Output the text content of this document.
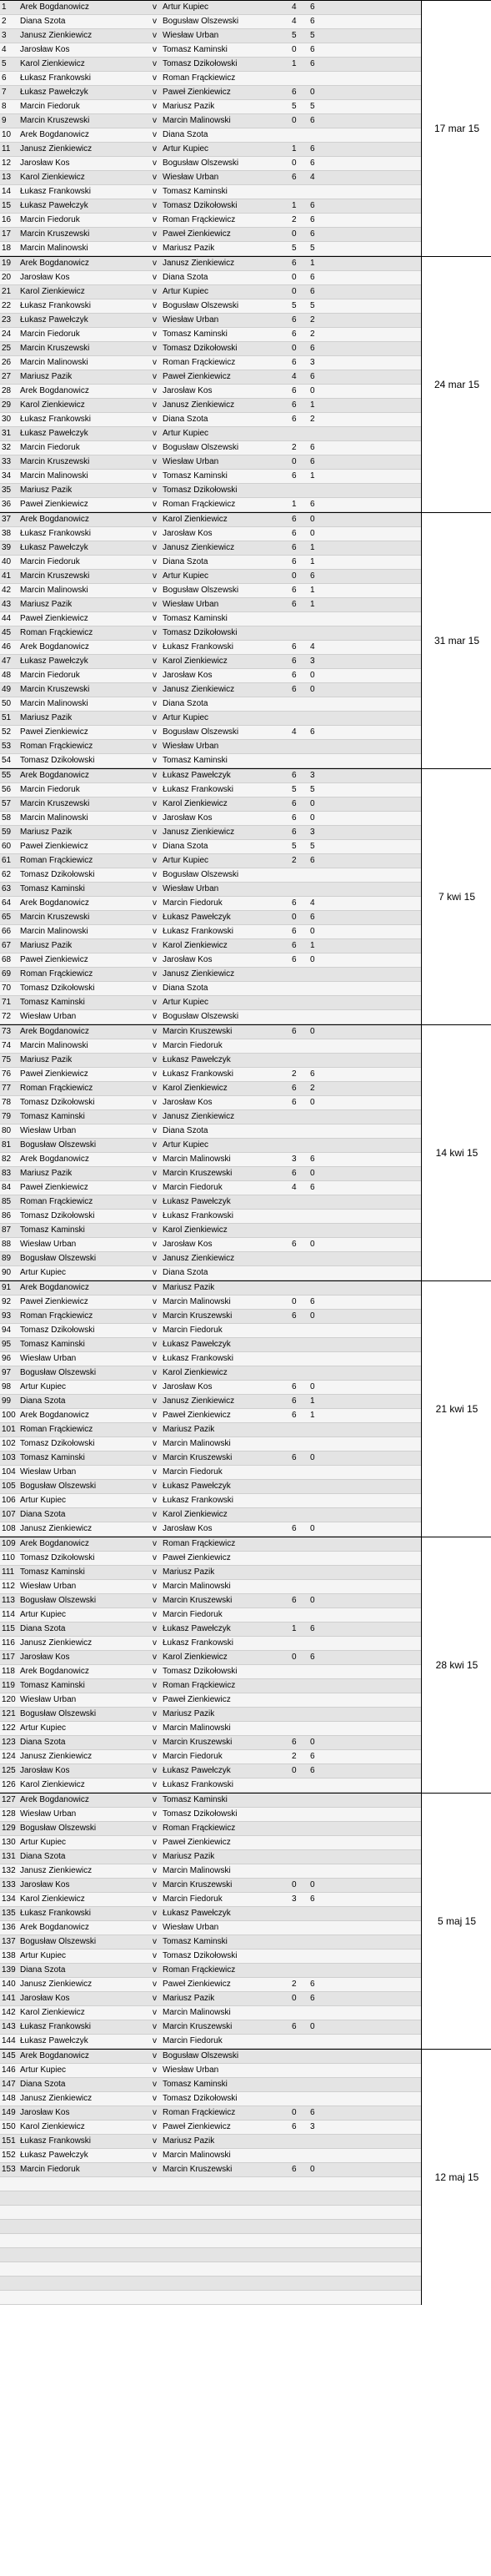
1	Arek Bogdanowicz	v Artur Kupiec	4	6
2	Diana Szota	v Bogusław Olszewski	4	6
3	Janusz Zienkiewicz	v Wiesław Urban	5	5
4	Jarosław Kos	v Tomasz Kaminski	0	6
5	Karol Zienkiewicz	v Tomasz Dzikołowski	1	6
6	Łukasz Frankowski	v Roman Frąckiewicz
7	Łukasz Pawełczyk	v Paweł Zienkiewicz	6	0
8	Marcin Fiedoruk	v Mariusz Pazik	5	5
9	Marcin Kruszewski	v Marcin Malinowski	0	6
10	Arek Bogdanowicz	v Diana Szota
11	Janusz Zienkiewicz	v Artur Kupiec	1	6
12	Jarosław Kos	v Bogusław Olszewski	0	6
13	Karol Zienkiewicz	v Wiesław Urban	6	4
14	Łukasz Frankowski	v Tomasz Kaminski
15	Łukasz Pawełczyk	v Tomasz Dzikołowski	1	6
16	Marcin Fiedoruk	v Roman Frąckiewicz	2	6
17	Marcin Kruszewski	v Paweł Zienkiewicz	0	6
18	Marcin Malinowski	v Mariusz Pazik	5	5
17 mar 15
19	Arek Bogdanowicz	v Janusz Zienkiewicz	6	1
20	Jarosław Kos	v Diana Szota	0	6
21	Karol Zienkiewicz	v Artur Kupiec	0	6
22	Łukasz Frankowski	v Bogusław Olszewski	5	5
23	Łukasz Pawełczyk	v Wiesław Urban	6	2
24	Marcin Fiedoruk	v Tomasz Kaminski	6	2
25	Marcin Kruszewski	v Tomasz Dzikołowski	0	6
26	Marcin Malinowski	v Roman Frąckiewicz	6	3
27	Mariusz Pazik	v Paweł Zienkiewicz	4	6
28	Arek Bogdanowicz	v Jarosław Kos	6	0
29	Karol Zienkiewicz	v Janusz Zienkiewicz	6	1
30	Łukasz Frankowski	v Diana Szota	6	2
31	Łukasz Pawełczyk	v Artur Kupiec
32	Marcin Fiedoruk	v Bogusław Olszewski	2	6
33	Marcin Kruszewski	v Wiesław Urban	0	6
34	Marcin Malinowski	v Tomasz Kaminski	6	1
35	Mariusz Pazik	v Tomasz Dzikołowski
36	Paweł Zienkiewicz	v Roman Frąckiewicz	1	6
24 mar 15
37	Arek Bogdanowicz	v Karol Zienkiewicz	6	0
38	Łukasz Frankowski	v Jarosław Kos	6	0
39	Łukasz Pawełczyk	v Janusz Zienkiewicz	6	1
40	Marcin Fiedoruk	v Diana Szota	6	1
41	Marcin Kruszewski	v Artur Kupiec	0	6
42	Marcin Malinowski	v Bogusław Olszewski	6	1
43	Mariusz Pazik	v Wiesław Urban	6	1
44	Paweł Zienkiewicz	v Tomasz Kaminski
45	Roman Frąckiewicz	v Tomasz Dzikołowski
46	Arek Bogdanowicz	v Łukasz Frankowski	6	4
47	Łukasz Pawełczyk	v Karol Zienkiewicz	6	3
48	Marcin Fiedoruk	v Jarosław Kos	6	0
49	Marcin Kruszewski	v Janusz Zienkiewicz	6	0
50	Marcin Malinowski	v Diana Szota
51	Mariusz Pazik	v Artur Kupiec
52	Paweł Zienkiewicz	v Bogusław Olszewski	4	6
53	Roman Frąckiewicz	v Wiesław Urban
54	Tomasz Dzikołowski	v Tomasz Kaminski
31 mar 15
55	Arek Bogdanowicz	v Łukasz Pawełczyk	6	3
56	Marcin Fiedoruk	v Łukasz Frankowski	5	5
57	Marcin Kruszewski	v Karol Zienkiewicz	6	0
58	Marcin Malinowski	v Jarosław Kos	6	0
59	Mariusz Pazik	v Janusz Zienkiewicz	6	3
60	Paweł Zienkiewicz	v Diana Szota	5	5
61	Roman Frąckiewicz	v Artur Kupiec	2	6
62	Tomasz Dzikołowski	v Bogusław Olszewski
63	Tomasz Kaminski	v Wiesław Urban
64	Arek Bogdanowicz	v Marcin Fiedoruk	6	4
65	Marcin Kruszewski	v Łukasz Pawełczyk	0	6
66	Marcin Malinowski	v Łukasz Frankowski	6	0
67	Mariusz Pazik	v Karol Zienkiewicz	6	1
68	Paweł Zienkiewicz	v Jarosław Kos	6	0
69	Roman Frąckiewicz	v Janusz Zienkiewicz
70	Tomasz Dzikołowski	v Diana Szota
71	Tomasz Kaminski	v Artur Kupiec
72	Wiesław Urban	v Bogusław Olszewski
7 kwi 15
73	Arek Bogdanowicz	v Marcin Kruszewski	6	0
74	Marcin Malinowski	v Marcin Fiedoruk
75	Mariusz Pazik	v Łukasz Pawełczyk
76	Paweł Zienkiewicz	v Łukasz Frankowski	2	6
77	Roman Frąckiewicz	v Karol Zienkiewicz	6	2
78	Tomasz Dzikołowski	v Jarosław Kos	6	0
79	Tomasz Kaminski	v Janusz Zienkiewicz
80	Wiesław Urban	v Diana Szota
81	Bogusław Olszewski	v Artur Kupiec
82	Arek Bogdanowicz	v Marcin Malinowski	3	6
83	Mariusz Pazik	v Marcin Kruszewski	6	0
84	Paweł Zienkiewicz	v Marcin Fiedoruk	4	6
85	Roman Frąckiewicz	v Łukasz Pawełczyk
86	Tomasz Dzikołowski	v Łukasz Frankowski
87	Tomasz Kaminski	v Karol Zienkiewicz
88	Wiesław Urban	v Jarosław Kos	6	0
89	Bogusław Olszewski	v Janusz Zienkiewicz
90	Artur Kupiec	v Diana Szota
14 kwi 15
91	Arek Bogdanowicz	v Mariusz Pazik
92	Paweł Zienkiewicz	v Marcin Malinowski	0	6
93	Roman Frąckiewicz	v Marcin Kruszewski	6	0
94	Tomasz Dzikołowski	v Marcin Fiedoruk
95	Tomasz Kaminski	v Łukasz Pawełczyk
96	Wiesław Urban	v Łukasz Frankowski
97	Bogusław Olszewski	v Karol Zienkiewicz
98	Artur Kupiec	v Jarosław Kos	6	0
99	Diana Szota	v Janusz Zienkiewicz	6	1
100 Arek Bogdanowicz	v Paweł Zienkiewicz	6	1
101 Roman Frąckiewicz	v Mariusz Pazik
102 Tomasz Dzikołowski	v Marcin Malinowski
103 Tomasz Kaminski	v Marcin Kruszewski	6	0
104 Wiesław Urban	v Marcin Fiedoruk
105 Bogusław Olszewski	v Łukasz Pawełczyk
106 Artur Kupiec	v Łukasz Frankowski
107 Diana Szota	v Karol Zienkiewicz
108 Janusz Zienkiewicz	v Jarosław Kos	6	0
21 kwi 15
109 Arek Bogdanowicz	v Roman Frąckiewicz
110 Tomasz Dzikołowski	v Paweł Zienkiewicz
111 Tomasz Kaminski	v Mariusz Pazik
112 Wiesław Urban	v Marcin Malinowski
113 Bogusław Olszewski	v Marcin Kruszewski	6	0
114 Artur Kupiec	v Marcin Fiedoruk
115 Diana Szota	v Łukasz Pawełczyk	1	6
116 Janusz Zienkiewicz	v Łukasz Frankowski
117 Jarosław Kos	v Karol Zienkiewicz	0	6
118 Arek Bogdanowicz	v Tomasz Dzikołowski
119 Tomasz Kaminski	v Roman Frąckiewicz
120 Wiesław Urban	v Paweł Zienkiewicz
121 Bogusław Olszewski	v Mariusz Pazik
122 Artur Kupiec	v Marcin Malinowski
123 Diana Szota	v Marcin Kruszewski	6	0
124 Janusz Zienkiewicz	v Marcin Fiedoruk	2	6
125 Jarosław Kos	v Łukasz Pawełczyk	0	6
126 Karol Zienkiewicz	v Łukasz Frankowski
28 kwi 15
127 Arek Bogdanowicz	v Tomasz Kaminski
128 Wiesław Urban	v Tomasz Dzikołowski
129 Bogusław Olszewski	v Roman Frąckiewicz
130 Artur Kupiec	v Paweł Zienkiewicz
131 Diana Szota	v Mariusz Pazik
132 Janusz Zienkiewicz	v Marcin Malinowski
133 Jarosław Kos	v Marcin Kruszewski	0	0
134 Karol Zienkiewicz	v Marcin Fiedoruk	3	6
135 Łukasz Frankowski	v Łukasz Pawełczyk
136 Arek Bogdanowicz	v Wiesław Urban
137 Bogusław Olszewski	v Tomasz Kaminski
138 Artur Kupiec	v Tomasz Dzikołowski
139 Diana Szota	v Roman Frąckiewicz
140 Janusz Zienkiewicz	v Paweł Zienkiewicz	2	6
141 Jarosław Kos	v Mariusz Pazik	0	6
142 Karol Zienkiewicz	v Marcin Malinowski
143 Łukasz Frankowski	v Marcin Kruszewski	6	0
144 Łukasz Pawełczyk	v Marcin Fiedoruk
5 maj 15
145 Arek Bogdanowicz	v Bogusław Olszewski
146 Artur Kupiec	v Wiesław Urban
147 Diana Szota	v Tomasz Kaminski
148 Janusz Zienkiewicz	v Tomasz Dzikołowski
149 Jarosław Kos	v Roman Frąckiewicz	0	6
150 Karol Zienkiewicz	v Paweł Zienkiewicz	6	3
151 Łukasz Frankowski	v Mariusz Pazik
152 Łukasz Pawełczyk	v Marcin Malinowski
153 Marcin Fiedoruk	v Marcin Kruszewski	6	0
12 maj 15
